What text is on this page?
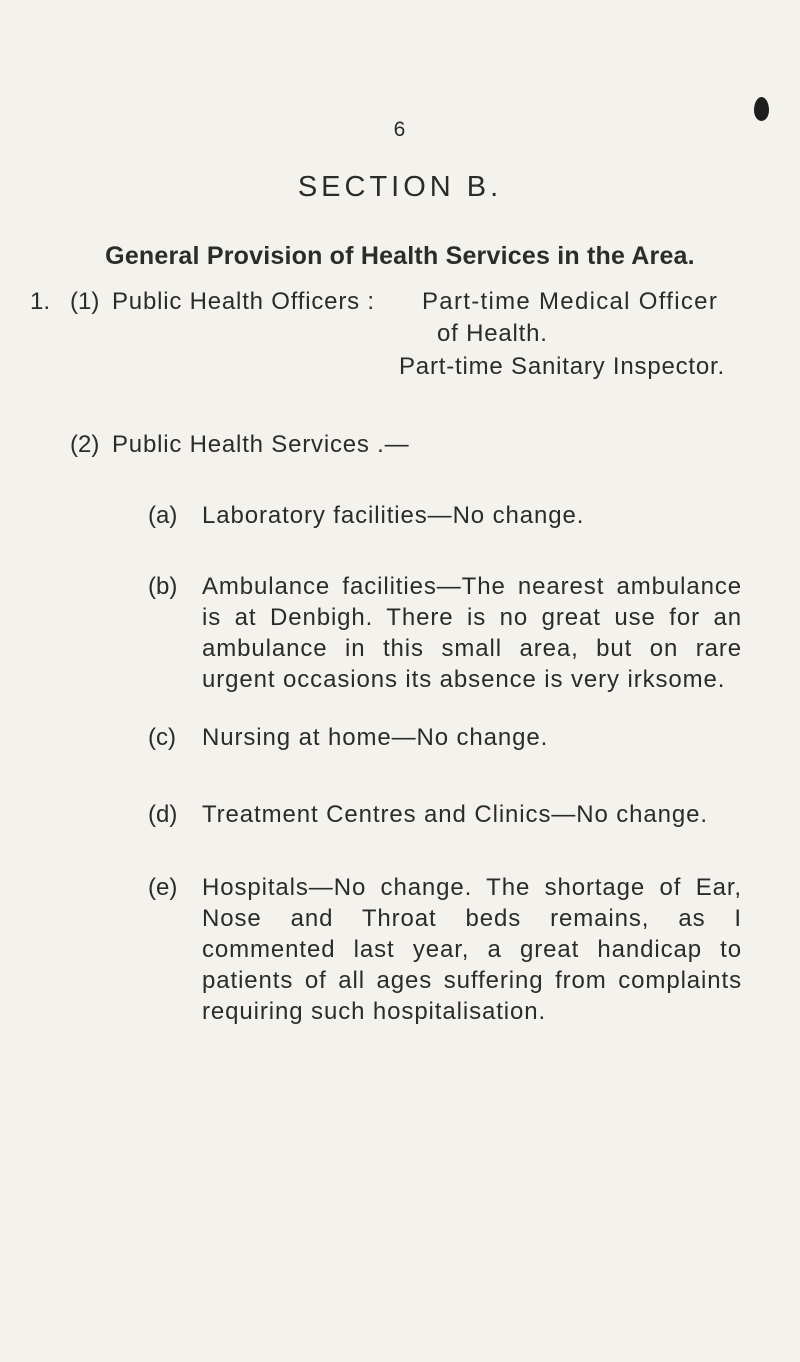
6
SECTION B.
General Provision of Health Services in the Area.
1. (1) Public Health Officers : Part-time Medical Officer
of Health.
Part-time Sanitary Inspector.
(2) Public Health Services .—
(a) Laboratory facilities—No change.
(b) Ambulance facilities—The nearest ambulance is at Denbigh. There is no great use for an ambulance in this small area, but on rare urgent occasions its absence is very irksome.
(c) Nursing at home—No change.
(d) Treatment Centres and Clinics—No change.
(e) Hospitals—No change. The shortage of Ear, Nose and Throat beds remains, as I commented last year, a great handicap to patients of all ages suffering from complaints requiring such hospitalisation.
